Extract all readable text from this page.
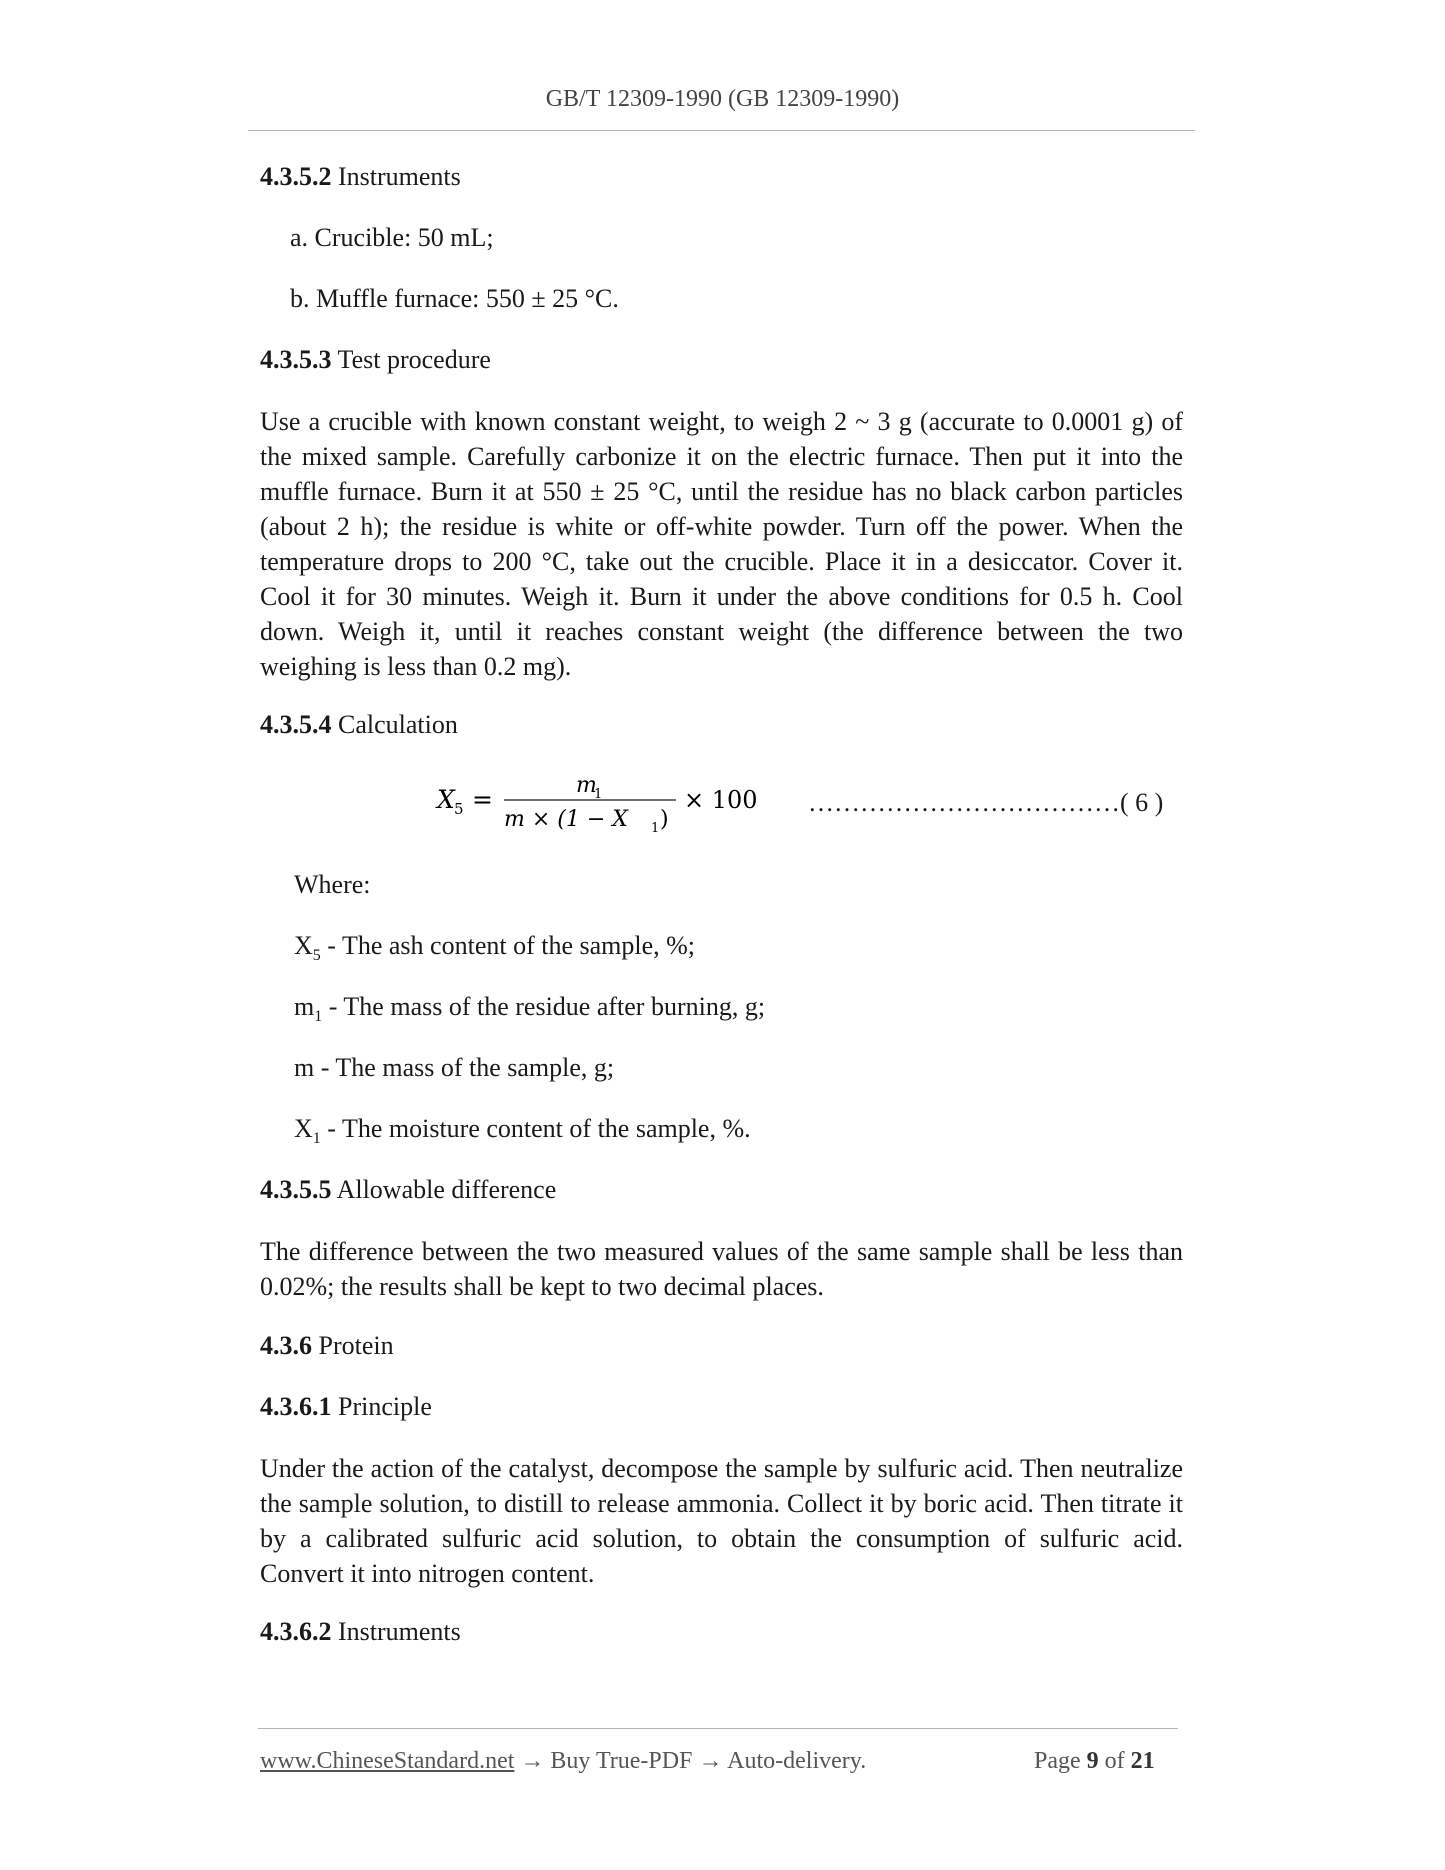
GB/T 12309-1990 (GB 12309-1990)
4.3.5.2 Instruments
a. Crucible: 50 mL;
b. Muffle furnace: 550 ± 25 °C.
4.3.5.3 Test procedure
Use a crucible with known constant weight, to weigh 2 ~ 3 g (accurate to 0.0001 g) of the mixed sample. Carefully carbonize it on the electric furnace. Then put it into the muffle furnace. Burn it at 550 ± 25 °C, until the residue has no black carbon particles (about 2 h); the residue is white or off-white powder. Turn off the power. When the temperature drops to 200 °C, take out the crucible. Place it in a desiccator. Cover it. Cool it for 30 minutes. Weigh it. Burn it under the above conditions for 0.5 h. Cool down. Weigh it, until it reaches constant weight (the difference between the two weighing is less than 0.2 mg).
4.3.5.4 Calculation
X 5 =	m
1
m × (1 − X 1 )
× 100 ………………………………( 6 )
Where:
$X_5$ - The ash content of the sample, %;
$m_1$ - The mass of the residue after burning, g;
m - The mass of the sample, g;
$X_1$ - The moisture content of the sample, %.
4.3.5.5 Allowable difference
The difference between the two measured values of the same sample shall be less than 0.02%; the results shall be kept to two decimal places.
4.3.6 Protein
4.3.6.1 Principle
Under the action of the catalyst, decompose the sample by sulfuric acid. Then neutralize the sample solution, to distill to release ammonia. Collect it by boric acid. Then titrate it by a calibrated sulfuric acid solution, to obtain the consumption of sulfuric acid. Convert it into nitrogen content.
4.3.6.2 Instruments
www.ChineseStandard.net → Buy True-PDF → Auto-delivery.	Page 9 of 21
